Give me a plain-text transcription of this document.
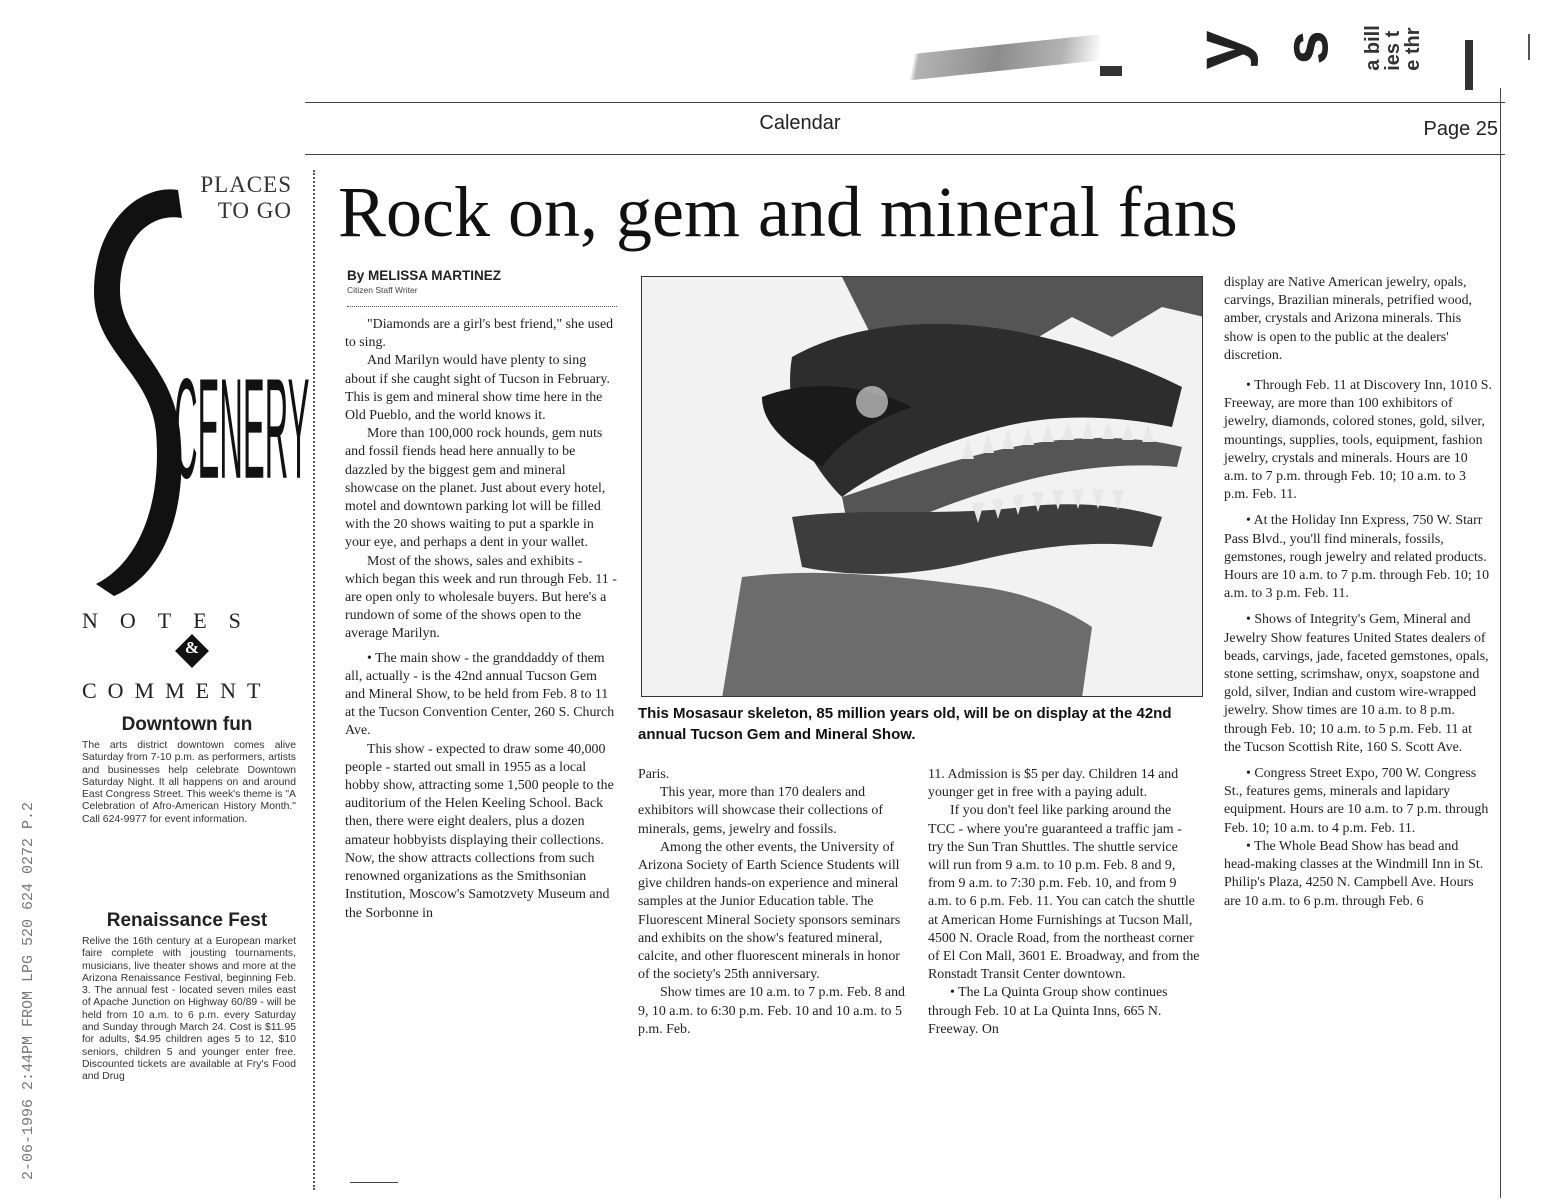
2-06-1996 2:44PM FROM LPG 520 624 0272 P.2
y s
a bill
ies t
e thr
Calendar	Page 25
PLACES
TO GO
CENERY
NOTES
&
COMMENT
Downtown fun
The arts district downtown comes alive Saturday from 7-10 p.m. as performers, artists and businesses help celebrate Downtown Saturday Night. It all happens on and around East Congress Street. This week's theme is "A Celebration of Afro-American History Month." Call 624-9977 for event information.
Renaissance Fest
Relive the 16th century at a European market faire complete with jousting tournaments, musicians, live theater shows and more at the Arizona Renaissance Festival, beginning Feb. 3. The annual fest - located seven miles east of Apache Junction on Highway 60/89 - will be held from 10 a.m. to 6 p.m. every Saturday and Sunday through March 24. Cost is $11.95 for adults, $4.95 children ages 5 to 12, $10 seniors, children 5 and younger enter free. Discounted tickets are available at Fry's Food and Drug
Rock on, gem and mineral fans
By MELISSA MARTINEZ
Citizen Staff Writer

"Diamonds are a girl's best friend," she used to sing.

And Marilyn would have plenty to sing about if she caught sight of Tucson in February. This is gem and mineral show time here in the Old Pueblo, and the world knows it.

More than 100,000 rock hounds, gem nuts and fossil fiends head here annually to be dazzled by the biggest gem and mineral showcase on the planet. Just about every hotel, motel and downtown parking lot will be filled with the 20 shows waiting to put a sparkle in your eye, and perhaps a dent in your wallet.

Most of the shows, sales and exhibits - which began this week and run through Feb. 11 - are open only to wholesale buyers. But here's a rundown of some of the shows open to the average Marilyn.

• The main show - the granddaddy of them all, actually - is the 42nd annual Tucson Gem and Mineral Show, to be held from Feb. 8 to 11 at the Tucson Convention Center, 260 S. Church Ave.

This show - expected to draw some 40,000 people - started out small in 1955 as a local hobby show, attracting some 1,500 people to the auditorium of the Helen Keeling School. Back then, there were eight dealers, plus a dozen amateur hobbyists displaying their collections. Now, the show attracts collections from such renowned organizations as the Smithsonian Institution, Moscow's Samotzvety Museum and the Sorbonne in

This Mosasaur skeleton, 85 million years old, will be on display at the 42nd annual Tucson Gem and Mineral Show.

Paris.

This year, more than 170 dealers and exhibitors will showcase their collections of minerals, gems, jewelry and fossils.

Among the other events, the University of Arizona Society of Earth Science Students will give children hands-on experience and mineral samples at the Junior Education table. The Fluorescent Mineral Society sponsors seminars and exhibits on the show's featured mineral, calcite, and other fluorescent minerals in honor of the society's 25th anniversary.

Show times are 10 a.m. to 7 p.m. Feb. 8 and 9, 10 a.m. to 6:30 p.m. Feb. 10 and 10 a.m. to 5 p.m. Feb.

11. Admission is $5 per day. Children 14 and younger get in free with a paying adult.

If you don't feel like parking around the TCC - where you're guaranteed a traffic jam - try the Sun Tran Shuttles. The shuttle service will run from 9 a.m. to 10 p.m. Feb. 8 and 9, from 9 a.m. to 7:30 p.m. Feb. 10, and from 9 a.m. to 6 p.m. Feb. 11. You can catch the shuttle at American Home Furnishings at Tucson Mall, 4500 N. Oracle Road, from the northeast corner of El Con Mall, 3601 E. Broadway, and from the Ronstadt Transit Center downtown.

• The La Quinta Group show continues through Feb. 10 at La Quinta Inns, 665 N. Freeway. On

display are Native American jewelry, opals, carvings, Brazilian minerals, petrified wood, amber, crystals and Arizona minerals. This show is open to the public at the dealers' discretion.

• Through Feb. 11 at Discovery Inn, 1010 S. Freeway, are more than 100 exhibitors of jewelry, diamonds, colored stones, gold, silver, mountings, supplies, tools, equipment, fashion jewelry, crystals and minerals. Hours are 10 a.m. to 7 p.m. through Feb. 10; 10 a.m. to 3 p.m. Feb. 11.

• At the Holiday Inn Express, 750 W. Starr Pass Blvd., you'll find minerals, fossils, gemstones, rough jewelry and related products. Hours are 10 a.m. to 7 p.m. through Feb. 10; 10 a.m. to 3 p.m. Feb. 11.

• Shows of Integrity's Gem, Mineral and Jewelry Show features United States dealers of beads, carvings, jade, faceted gemstones, opals, stone setting, scrimshaw, onyx, soapstone and gold, silver, Indian and custom wire-wrapped jewelry. Show times are 10 a.m. to 8 p.m. through Feb. 10; 10 a.m. to 5 p.m. Feb. 11 at the Tucson Scottish Rite, 160 S. Scott Ave.

• Congress Street Expo, 700 W. Congress St., features gems, minerals and lapidary equipment. Hours are 10 a.m. to 7 p.m. through Feb. 10; 10 a.m. to 4 p.m. Feb. 11.

• The Whole Bead Show has bead and head-making classes at the Windmill Inn in St. Philip's Plaza, 4250 N. Campbell Ave. Hours are 10 a.m. to 6 p.m. through Feb. 6
